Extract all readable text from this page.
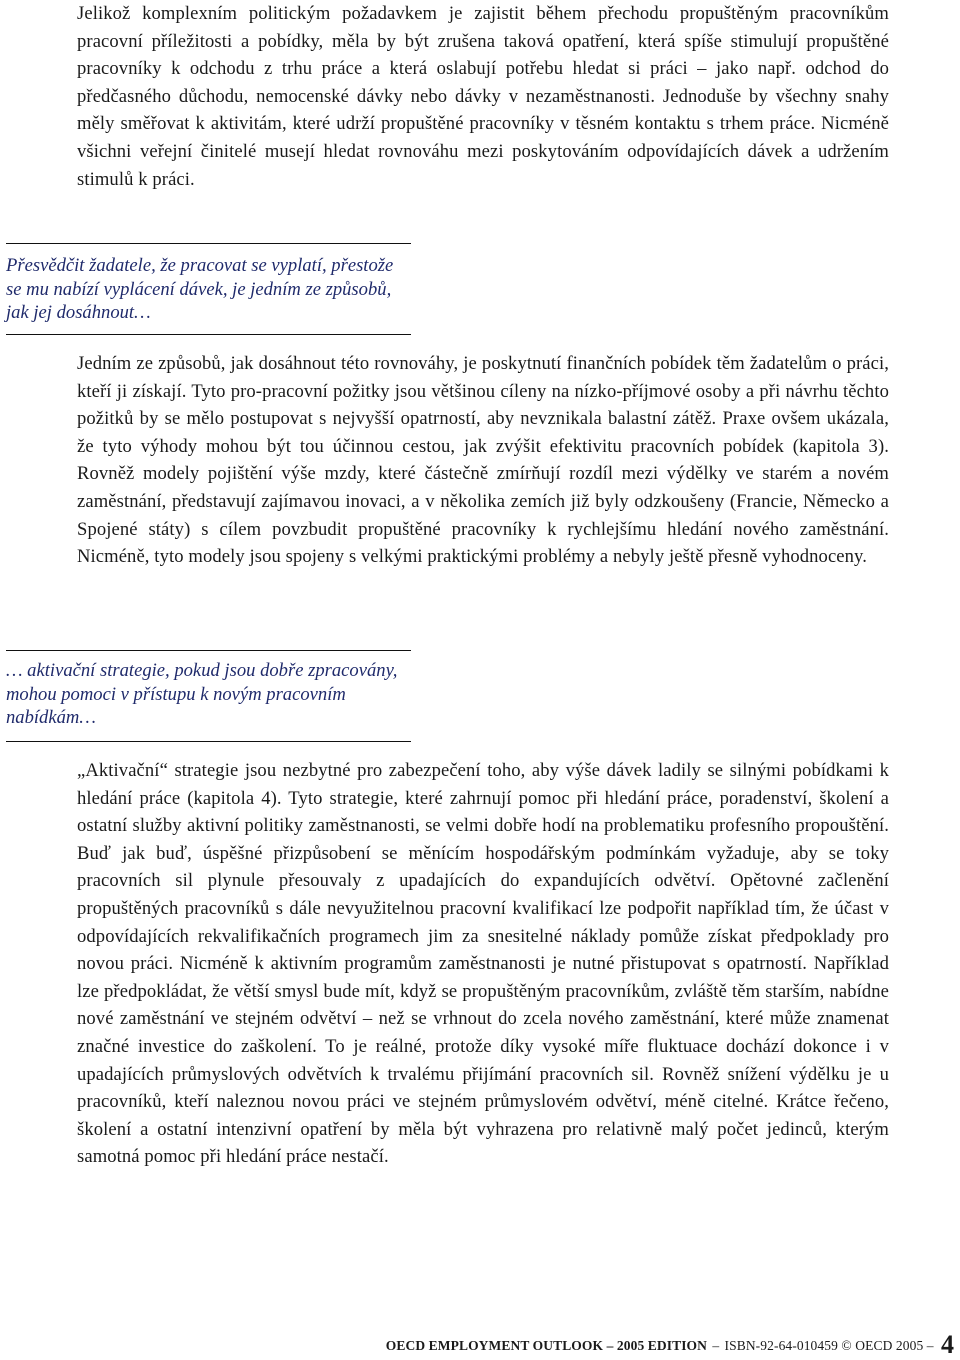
Jelikož komplexním politickým požadavkem je zajistit během přechodu propuštěným pracovníkům pracovní příležitosti a pobídky, měla by být zrušena taková opatření, která spíše stimulují propuštěné pracovníky k odchodu z trhu práce a která oslabují potřebu hledat si práci – jako např. odchod do předčasného důchodu, nemocenské dávky nebo dávky v nezaměstnanosti. Jednoduše by všechny snahy měly směřovat k aktivitám, které udrží propuštěné pracovníky v těsném kontaktu s trhem práce. Nicméně všichni veřejní činitelé musejí hledat rovnováhu mezi poskytováním odpovídajících dávek a udržením stimulů k práci.

Přesvědčit žadatele, že pracovat se vyplatí, přestože se mu nabízí vyplácení dávek, je jedním ze způsobů, jak jej dosáhnout…

Jedním ze způsobů, jak dosáhnout této rovnováhy, je poskytnutí finančních pobídek těm žadatelům o práci, kteří ji získají. Tyto pro-pracovní požitky jsou většinou cíleny na nízko-příjmové osoby a při návrhu těchto požitků by se mělo postupovat s nejvyšší opatrností, aby nevznikala balastní zátěž. Praxe ovšem ukázala, že tyto výhody mohou být tou účinnou cestou, jak zvýšit efektivitu pracovních pobídek (kapitola 3). Rovněž modely pojištění výše mzdy, které částečně zmírňují rozdíl mezi výdělky ve starém a novém zaměstnání, představují zajímavou inovaci, a v několika zemích již byly odzkoušeny (Francie, Německo a Spojené státy) s cílem povzbudit propuštěné pracovníky k rychlejšímu hledání nového zaměstnání. Nicméně, tyto modely jsou spojeny s velkými praktickými problémy a nebyly ještě přesně vyhodnoceny.

… aktivační strategie, pokud jsou dobře zpracovány, mohou pomoci v přístupu k novým pracovním nabídkám…

„Aktivační“ strategie jsou nezbytné pro zabezpečení toho, aby výše dávek ladily se silnými pobídkami k hledání práce (kapitola 4). Tyto strategie, které zahrnují pomoc při hledání práce, poradenství, školení a ostatní služby aktivní politiky zaměstnanosti, se velmi dobře hodí na problematiku profesního propouštění. Buď jak buď, úspěšné přizpůsobení se měnícím hospodářským podmínkám vyžaduje, aby se toky pracovních sil plynule přesouvaly z upadajících do expandujících odvětví. Opětovné začlenění propuštěných pracovníků s dále nevyužitelnou pracovní kvalifikací lze podpořit například tím, že účast v odpovídajících rekvalifikačních programech jim za snesitelné náklady pomůže získat předpoklady pro novou práci. Nicméně k aktivním programům zaměstnanosti je nutné přistupovat s opatrností. Například lze předpokládat, že větší smysl bude mít, když se propuštěným pracovníkům, zvláště těm starším, nabídne nové zaměstnání ve stejném odvětví – než se vrhnout do zcela nového zaměstnání, které může znamenat značné investice do zaškolení. To je reálné, protože díky vysoké míře fluktuace dochází dokonce i v upadajících průmyslových odvětvích k trvalému přijímání pracovních sil. Rovněž snížení výdělku je u pracovníků, kteří naleznou novou práci ve stejném průmyslovém odvětví, méně citelné. Krátce řečeno, školení a ostatní intenzivní opatření by měla být vyhrazena pro relativně malý počet jedinců, kterým samotná pomoc při hledání práce nestačí.

OECD EMPLOYMENT OUTLOOK – 2005 EDITION – ISBN-92-64-010459 © OECD 2005 – 4
